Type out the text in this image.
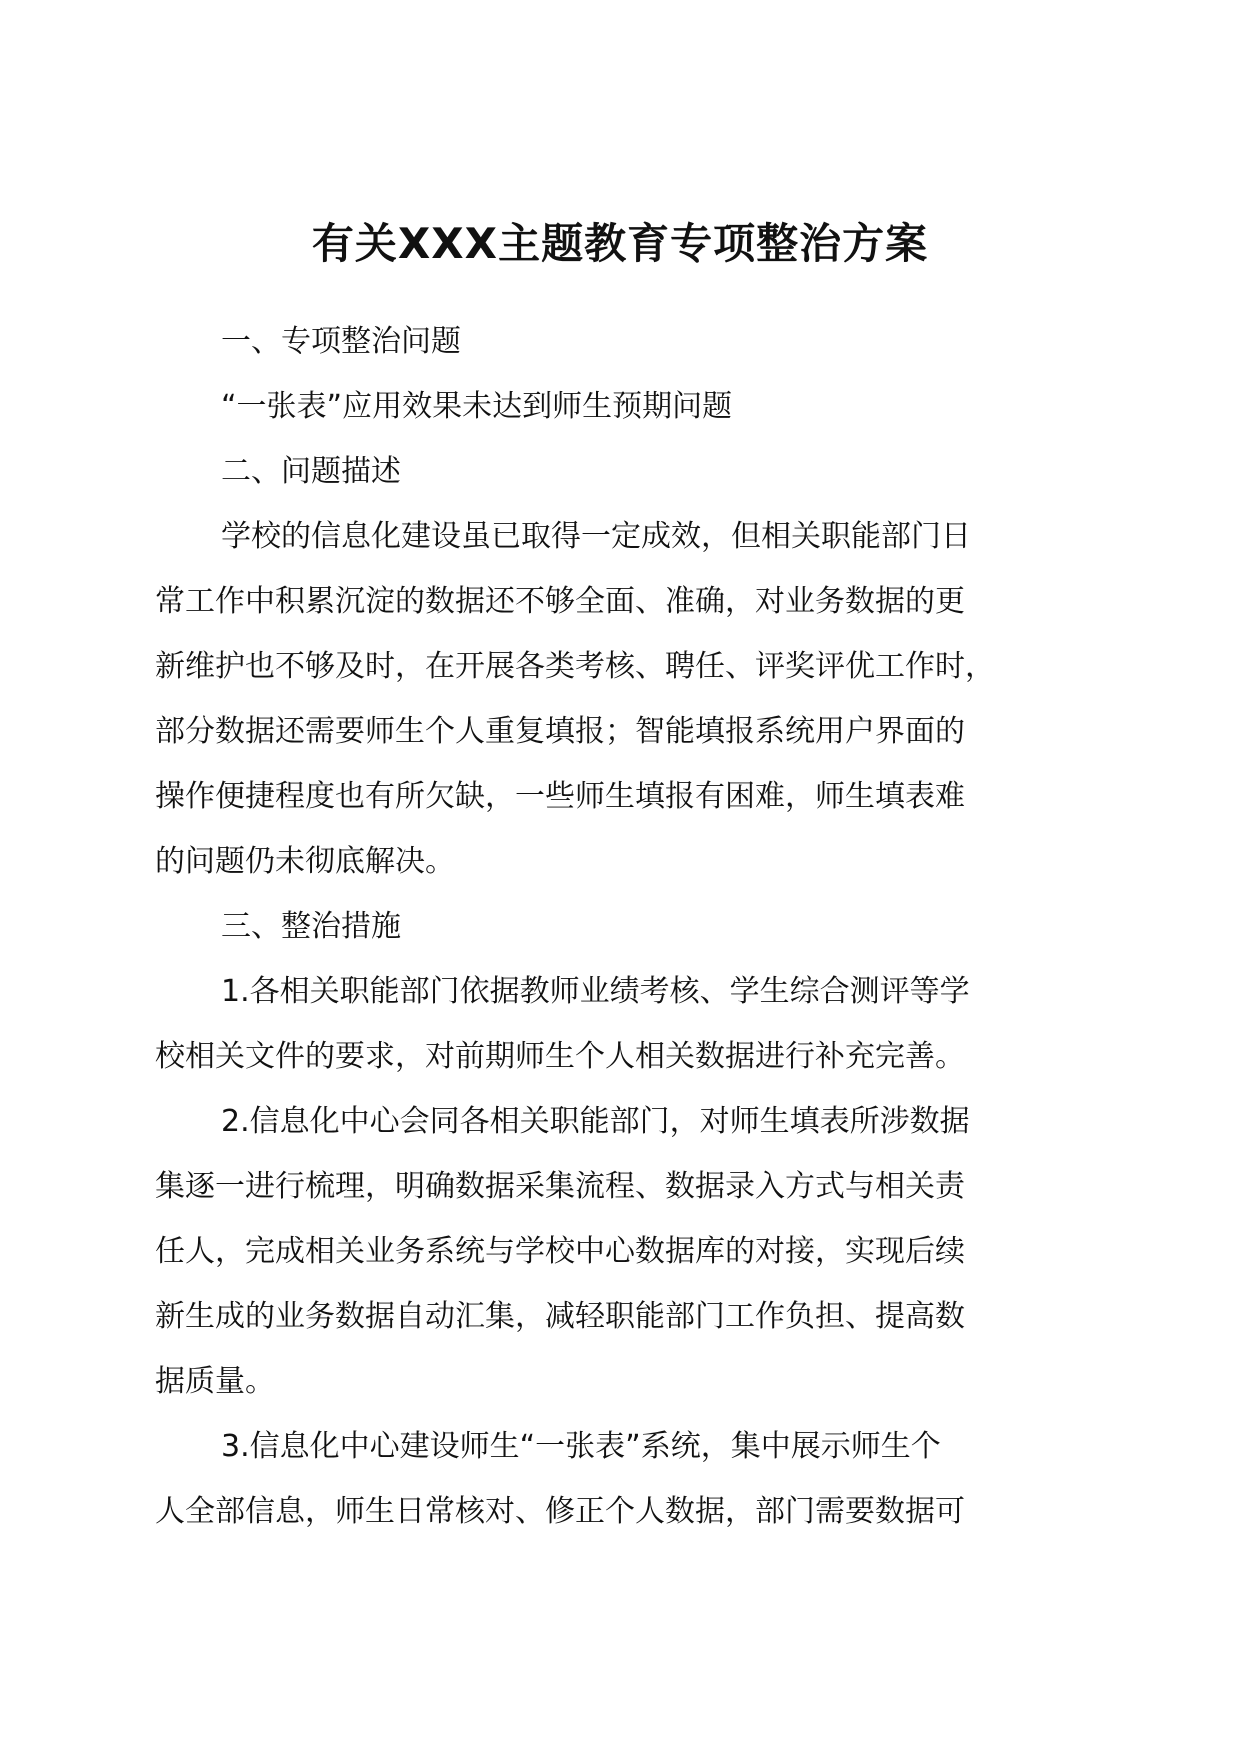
有关XXX主题教育专项整治方案

一、专项整治问题

“一张表”应用效果未达到师生预期问题

二、问题描述

学校的信息化建设虽已取得一定成效，但相关职能部门日

常工作中积累沉淀的数据还不够全面、准确，对业务数据的更

新维护也不够及时，在开展各类考核、聘任、评奖评优工作时，

部分数据还需要师生个人重复填报；智能填报系统用户界面的

操作便捷程度也有所欠缺，一些师生填报有困难，师生填表难

的问题仍未彻底解决。

三、整治措施

1.各相关职能部门依据教师业绩考核、学生综合测评等学

校相关文件的要求，对前期师生个人相关数据进行补充完善。

2.信息化中心会同各相关职能部门，对师生填表所涉数据

集逐一进行梳理，明确数据采集流程、数据录入方式与相关责

任人，完成相关业务系统与学校中心数据库的对接，实现后续

新生成的业务数据自动汇集，减轻职能部门工作负担、提高数

据质量。

3.信息化中心建设师生“一张表”系统，集中展示师生个

人全部信息，师生日常核对、修正个人数据，部门需要数据可
